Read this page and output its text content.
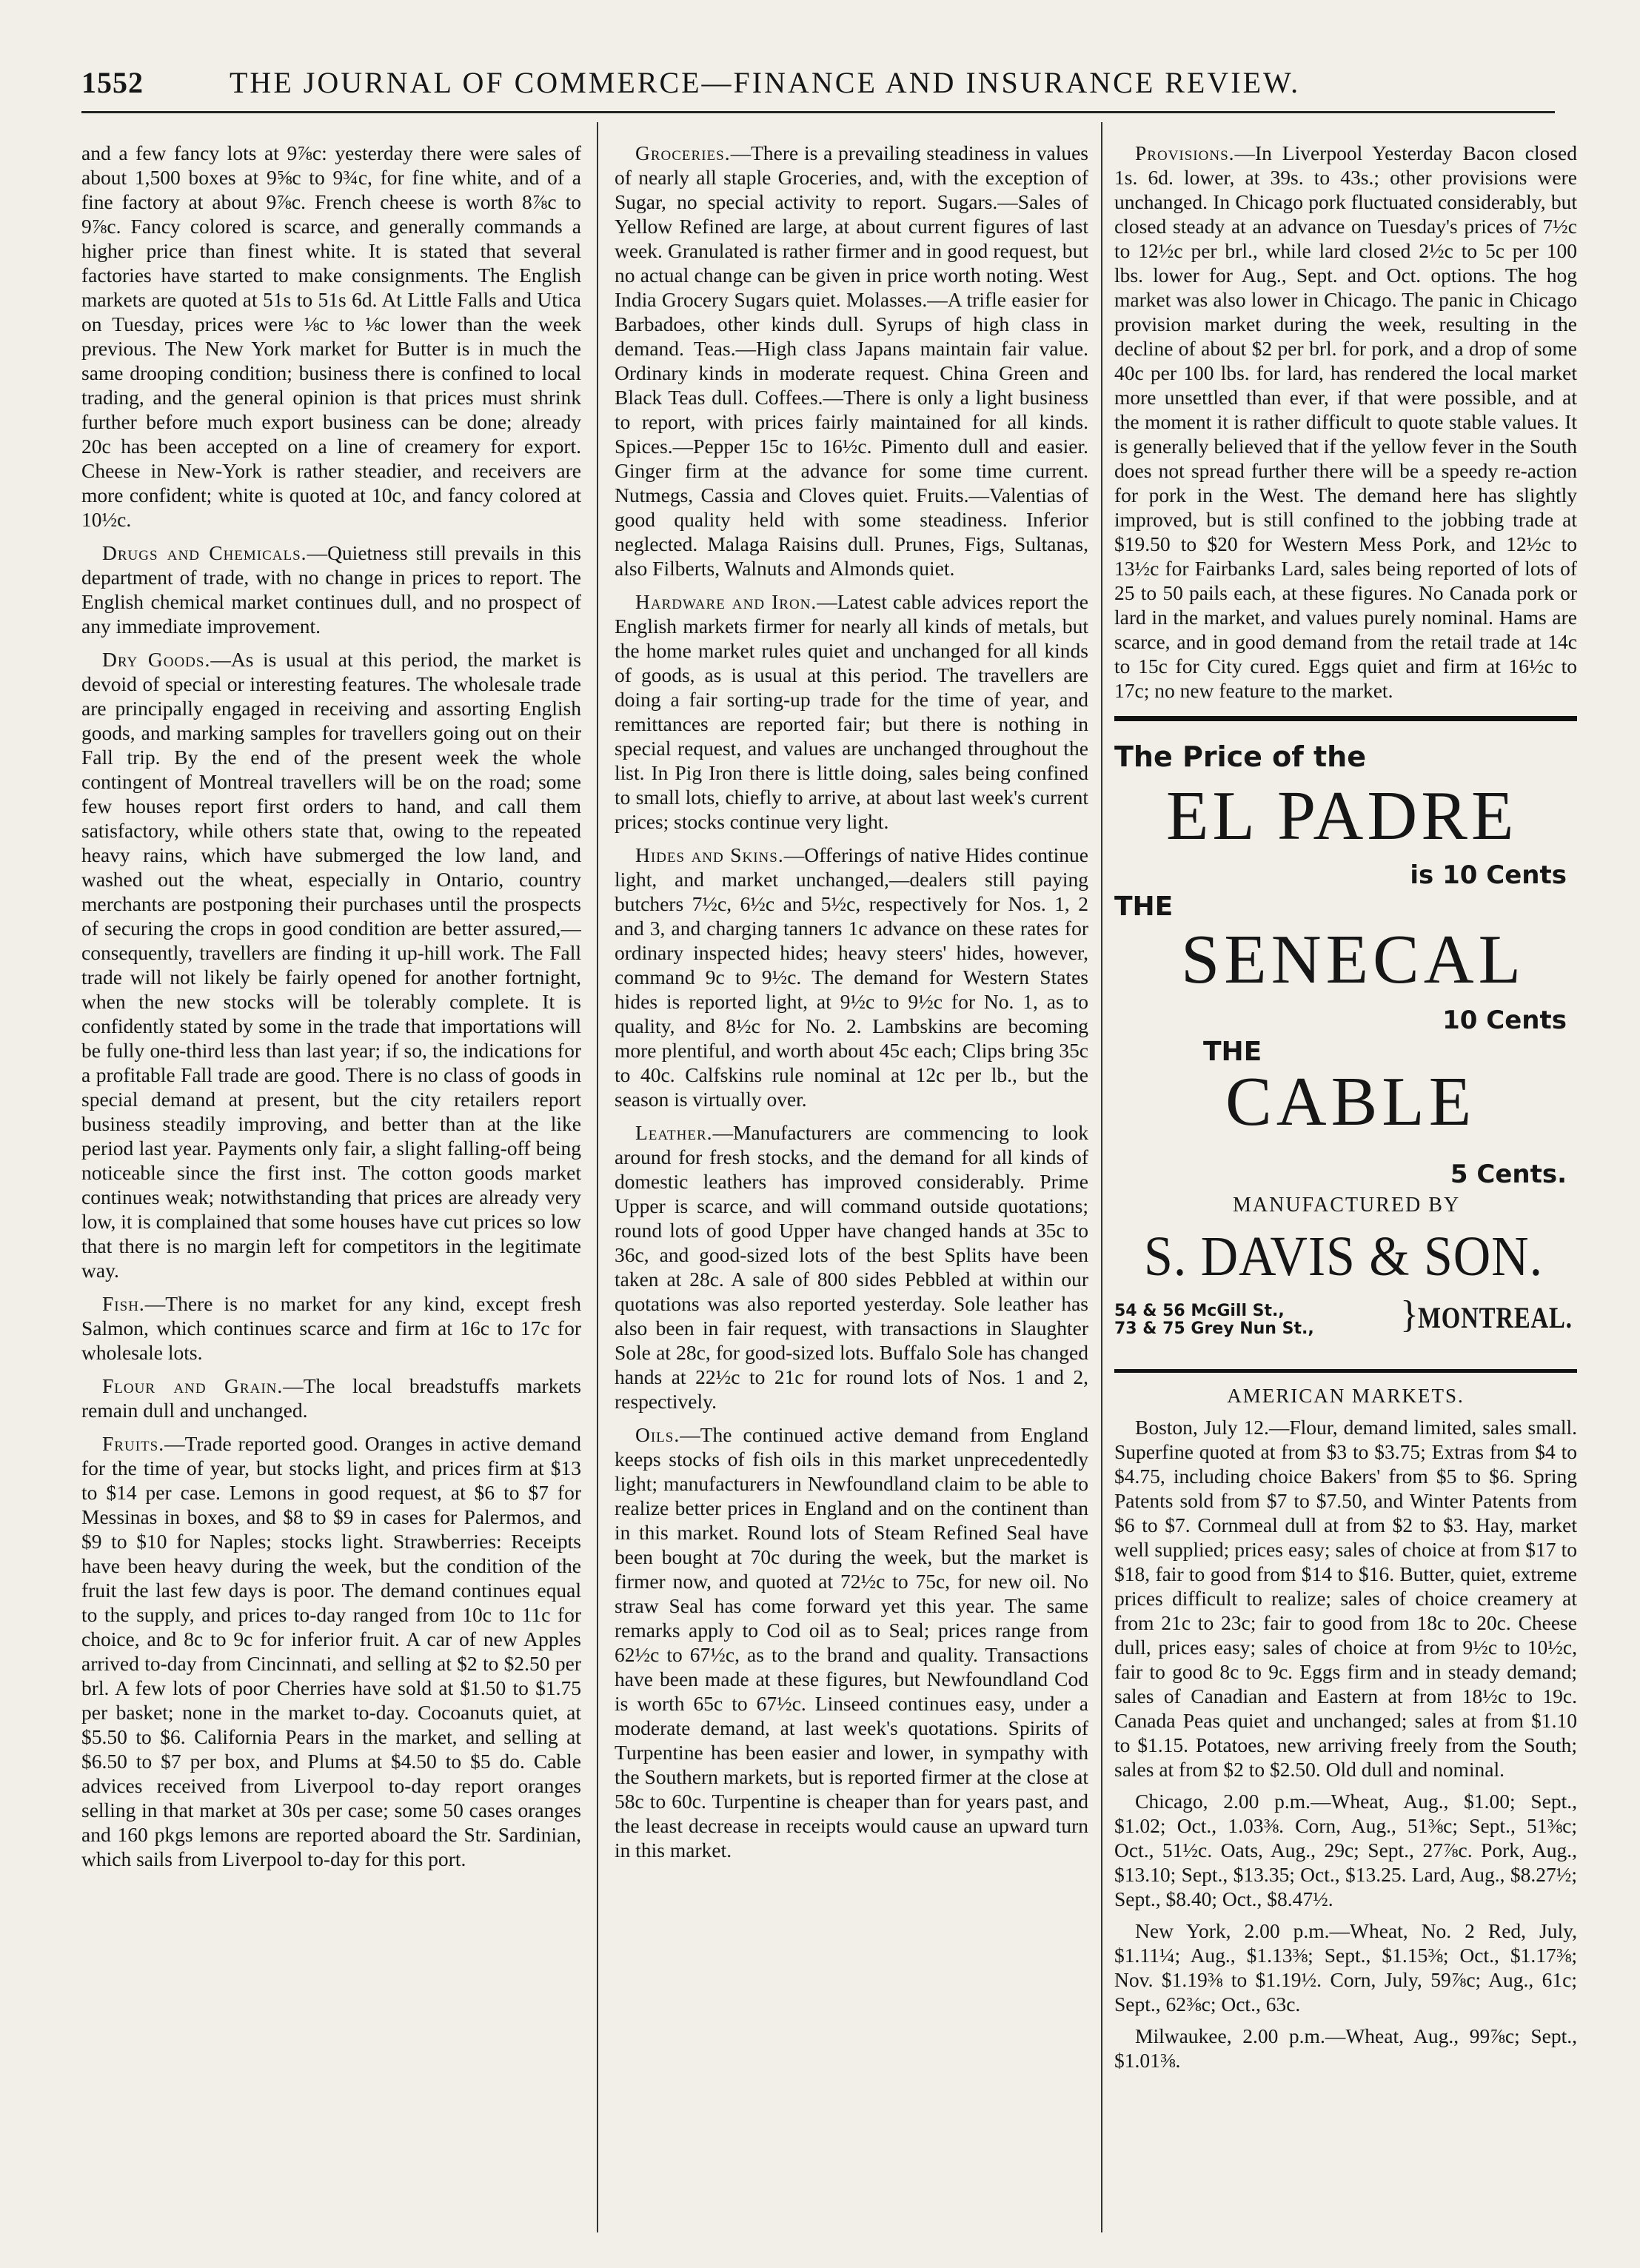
1552	THE JOURNAL OF COMMERCE—FINANCE AND INSURANCE REVIEW.

and a few fancy lots at 9⅞c: yesterday there were sales of about 1,500 boxes at 9⅝c to 9¾c, for fine white, and of a fine factory at about 9⅞c. French cheese is worth 8⅞c to 9⅞c. Fancy colored is scarce, and generally commands a higher price than finest white. It is stated that several factories have started to make consignments. The English markets are quoted at 51s to 51s 6d. At Little Falls and Utica on Tuesday, prices were ⅛c to ⅛c lower than the week previous. The New York market for Butter is in much the same drooping condition; business there is confined to local trading, and the general opinion is that prices must shrink further before much export business can be done; already 20c has been accepted on a line of creamery for export. Cheese in New-York is rather steadier, and receivers are more confident; white is quoted at 10c, and fancy colored at 10½c.

Drugs and Chemicals.—Quietness still prevails in this department of trade, with no change in prices to report. The English chemical market continues dull, and no prospect of any immediate improvement.

Dry Goods.—As is usual at this period, the market is devoid of special or interesting features. The wholesale trade are principally engaged in receiving and assorting English goods, and marking samples for travellers going out on their Fall trip. By the end of the present week the whole contingent of Montreal travellers will be on the road; some few houses report first orders to hand, and call them satisfactory, while others state that, owing to the repeated heavy rains, which have submerged the low land, and washed out the wheat, especially in Ontario, country merchants are postponing their purchases until the prospects of securing the crops in good condition are better assured,—consequently, travellers are finding it up-hill work. The Fall trade will not likely be fairly opened for another fortnight, when the new stocks will be tolerably complete. It is confidently stated by some in the trade that importations will be fully one-third less than last year; if so, the indications for a profitable Fall trade are good. There is no class of goods in special demand at present, but the city retailers report business steadily improving, and better than at the like period last year. Payments only fair, a slight falling-off being noticeable since the first inst. The cotton goods market continues weak; notwithstanding that prices are already very low, it is complained that some houses have cut prices so low that there is no margin left for competitors in the legitimate way.

Fish.—There is no market for any kind, except fresh Salmon, which continues scarce and firm at 16c to 17c for wholesale lots.

Flour and Grain.—The local breadstuffs markets remain dull and unchanged.

Fruits.—Trade reported good. Oranges in active demand for the time of year, but stocks light, and prices firm at $13 to $14 per case. Lemons in good request, at $6 to $7 for Messinas in boxes, and $8 to $9 in cases for Palermos, and $9 to $10 for Naples; stocks light. Strawberries: Receipts have been heavy during the week, but the condition of the fruit the last few days is poor. The demand continues equal to the supply, and prices to-day ranged from 10c to 11c for choice, and 8c to 9c for inferior fruit. A car of new Apples arrived to-day from Cincinnati, and selling at $2 to $2.50 per brl. A few lots of poor Cherries have sold at $1.50 to $1.75 per basket; none in the market to-day. Cocoanuts quiet, at $5.50 to $6. California Pears in the market, and selling at $6.50 to $7 per box, and Plums at $4.50 to $5 do. Cable advices received from Liverpool to-day report oranges selling in that market at 30s per case; some 50 cases oranges and 160 pkgs lemons are reported aboard the Str. Sardinian, which sails from Liverpool to-day for this port.

Groceries.—There is a prevailing steadiness in values of nearly all staple Groceries, and, with the exception of Sugar, no special activity to report. Sugars.—Sales of Yellow Refined are large, at about current figures of last week. Granulated is rather firmer and in good request, but no actual change can be given in price worth noting. West India Grocery Sugars quiet. Molasses.—A trifle easier for Barbadoes, other kinds dull. Syrups of high class in demand. Teas.—High class Japans maintain fair value. Ordinary kinds in moderate request. China Green and Black Teas dull. Coffees.—There is only a light business to report, with prices fairly maintained for all kinds. Spices.—Pepper 15c to 16½c. Pimento dull and easier. Ginger firm at the advance for some time current. Nutmegs, Cassia and Cloves quiet. Fruits.—Valentias of good quality held with some steadiness. Inferior neglected. Malaga Raisins dull. Prunes, Figs, Sultanas, also Filberts, Walnuts and Almonds quiet.

Hardware and Iron.—Latest cable advices report the English markets firmer for nearly all kinds of metals, but the home market rules quiet and unchanged for all kinds of goods, as is usual at this period. The travellers are doing a fair sorting-up trade for the time of year, and remittances are reported fair; but there is nothing in special request, and values are unchanged throughout the list. In Pig Iron there is little doing, sales being confined to small lots, chiefly to arrive, at about last week's current prices; stocks continue very light.

Hides and Skins.—Offerings of native Hides continue light, and market unchanged,—dealers still paying butchers 7½c, 6½c and 5½c, respectively for Nos. 1, 2 and 3, and charging tanners 1c advance on these rates for ordinary inspected hides; heavy steers' hides, however, command 9c to 9½c. The demand for Western States hides is reported light, at 9½c to 9½c for No. 1, as to quality, and 8½c for No. 2. Lambskins are becoming more plentiful, and worth about 45c each; Clips bring 35c to 40c. Calfskins rule nominal at 12c per lb., but the season is virtually over.

Leather.—Manufacturers are commencing to look around for fresh stocks, and the demand for all kinds of domestic leathers has improved considerably. Prime Upper is scarce, and will command outside quotations; round lots of good Upper have changed hands at 35c to 36c, and good-sized lots of the best Splits have been taken at 28c. A sale of 800 sides Pebbled at within our quotations was also reported yesterday. Sole leather has also been in fair request, with transactions in Slaughter Sole at 28c, for good-sized lots. Buffalo Sole has changed hands at 22½c to 21c for round lots of Nos. 1 and 2, respectively.

Oils.—The continued active demand from England keeps stocks of fish oils in this market unprecedentedly light; manufacturers in Newfoundland claim to be able to realize better prices in England and on the continent than in this market. Round lots of Steam Refined Seal have been bought at 70c during the week, but the market is firmer now, and quoted at 72½c to 75c, for new oil. No straw Seal has come forward yet this year. The same remarks apply to Cod oil as to Seal; prices range from 62½c to 67½c, as to the brand and quality. Transactions have been made at these figures, but Newfoundland Cod is worth 65c to 67½c. Linseed continues easy, under a moderate demand, at last week's quotations. Spirits of Turpentine has been easier and lower, in sympathy with the Southern markets, but is reported firmer at the close at 58c to 60c. Turpentine is cheaper than for years past, and the least decrease in receipts would cause an upward turn in this market.

Provisions.—In Liverpool Yesterday Bacon closed 1s. 6d. lower, at 39s. to 43s.; other provisions were unchanged. In Chicago pork fluctuated considerably, but closed steady at an advance on Tuesday's prices of 7½c to 12½c per brl., while lard closed 2½c to 5c per 100 lbs. lower for Aug., Sept. and Oct. options. The hog market was also lower in Chicago. The panic in Chicago provision market during the week, resulting in the decline of about $2 per brl. for pork, and a drop of some 40c per 100 lbs. for lard, has rendered the local market more unsettled than ever, if that were possible, and at the moment it is rather difficult to quote stable values. It is generally believed that if the yellow fever in the South does not spread further there will be a speedy re-action for pork in the West. The demand here has slightly improved, but is still confined to the jobbing trade at $19.50 to $20 for Western Mess Pork, and 12½c to 13½c for Fairbanks Lard, sales being reported of lots of 25 to 50 pails each, at these figures. No Canada pork or lard in the market, and values purely nominal. Hams are scarce, and in good demand from the retail trade at 14c to 15c for City cured. Eggs quiet and firm at 16½c to 17c; no new feature to the market.

The Price of the
EL PADRE
is 10 Cents
THE
SENECAL
10 Cents
THE
CABLE
5 Cents.
MANUFACTURED BY
S. DAVIS & SON.
54 & 56 McGill St.,
73 & 75 Grey Nun St., } MONTREAL.
AMERICAN MARKETS.

Boston, July 12.—Flour, demand limited, sales small. Superfine quoted at from $3 to $3.75; Extras from $4 to $4.75, including choice Bakers' from $5 to $6. Spring Patents sold from $7 to $7.50, and Winter Patents from $6 to $7. Cornmeal dull at from $2 to $3. Hay, market well supplied; prices easy; sales of choice at from $17 to $18, fair to good from $14 to $16. Butter, quiet, extreme prices difficult to realize; sales of choice creamery at from 21c to 23c; fair to good from 18c to 20c. Cheese dull, prices easy; sales of choice at from 9½c to 10½c, fair to good 8c to 9c. Eggs firm and in steady demand; sales of Canadian and Eastern at from 18½c to 19c. Canada Peas quiet and unchanged; sales at from $1.10 to $1.15. Potatoes, new arriving freely from the South; sales at from $2 to $2.50. Old dull and nominal.

Chicago, 2.00 p.m.—Wheat, Aug., $1.00; Sept., $1.02; Oct., 1.03⅜. Corn, Aug., 51⅜c; Sept., 51⅜c; Oct., 51½c. Oats, Aug., 29c; Sept., 27⅞c. Pork, Aug., $13.10; Sept., $13.35; Oct., $13.25. Lard, Aug., $8.27½; Sept., $8.40; Oct., $8.47½.

New York, 2.00 p.m.—Wheat, No. 2 Red, July, $1.11¼; Aug., $1.13⅜; Sept., $1.15⅜; Oct., $1.17⅜; Nov. $1.19⅜ to $1.19½. Corn, July, 59⅞c; Aug., 61c; Sept., 62⅜c; Oct., 63c.

Milwaukee, 2.00 p.m.—Wheat, Aug., 99⅞c; Sept., $1.01⅜.
